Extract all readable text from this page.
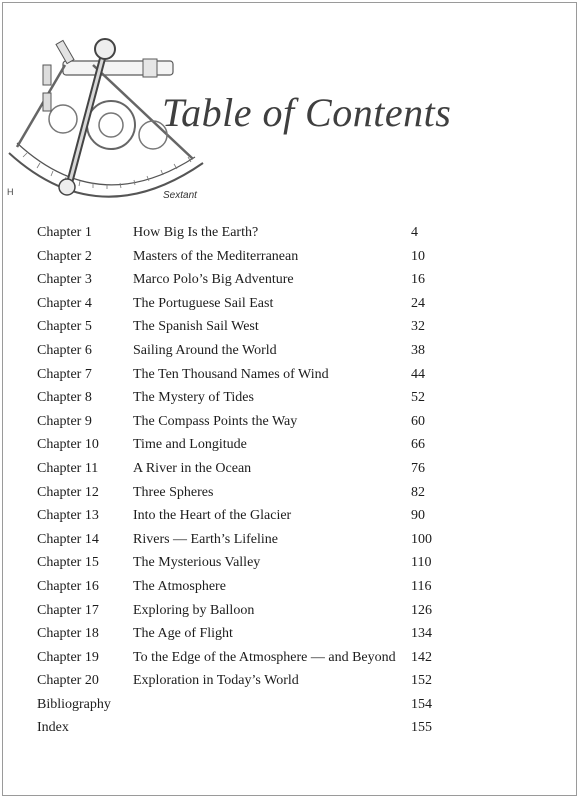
H	Sextant
Table of Contents
Chapter 1	How Big Is the Earth?	4
Chapter 2	Masters of the Mediterranean	10
Chapter 3	Marco Polo’s Big Adventure	16
Chapter 4	The Portuguese Sail East	24
Chapter 5	The Spanish Sail West	32
Chapter 6	Sailing Around the World	38
Chapter 7	The Ten Thousand Names of Wind	44
Chapter 8	The Mystery of Tides	52
Chapter 9	The Compass Points the Way	60
Chapter 10 Time and Longitude	66
Chapter 11 A River in the Ocean	76
Chapter 12 Three Spheres	82
Chapter 13 Into the Heart of the Glacier	90
Chapter 14 Rivers — Earth’s Lifeline	100
Chapter 15 The Mysterious Valley	110
Chapter 16 The Atmosphere	116
Chapter 17 Exploring by Balloon	126
Chapter 18 The Age of Flight	134
Chapter 19 To the Edge of the Atmosphere — and Beyond 142
Chapter 20 Exploration in Today’s World	152
Bibliography	154
Index	155
